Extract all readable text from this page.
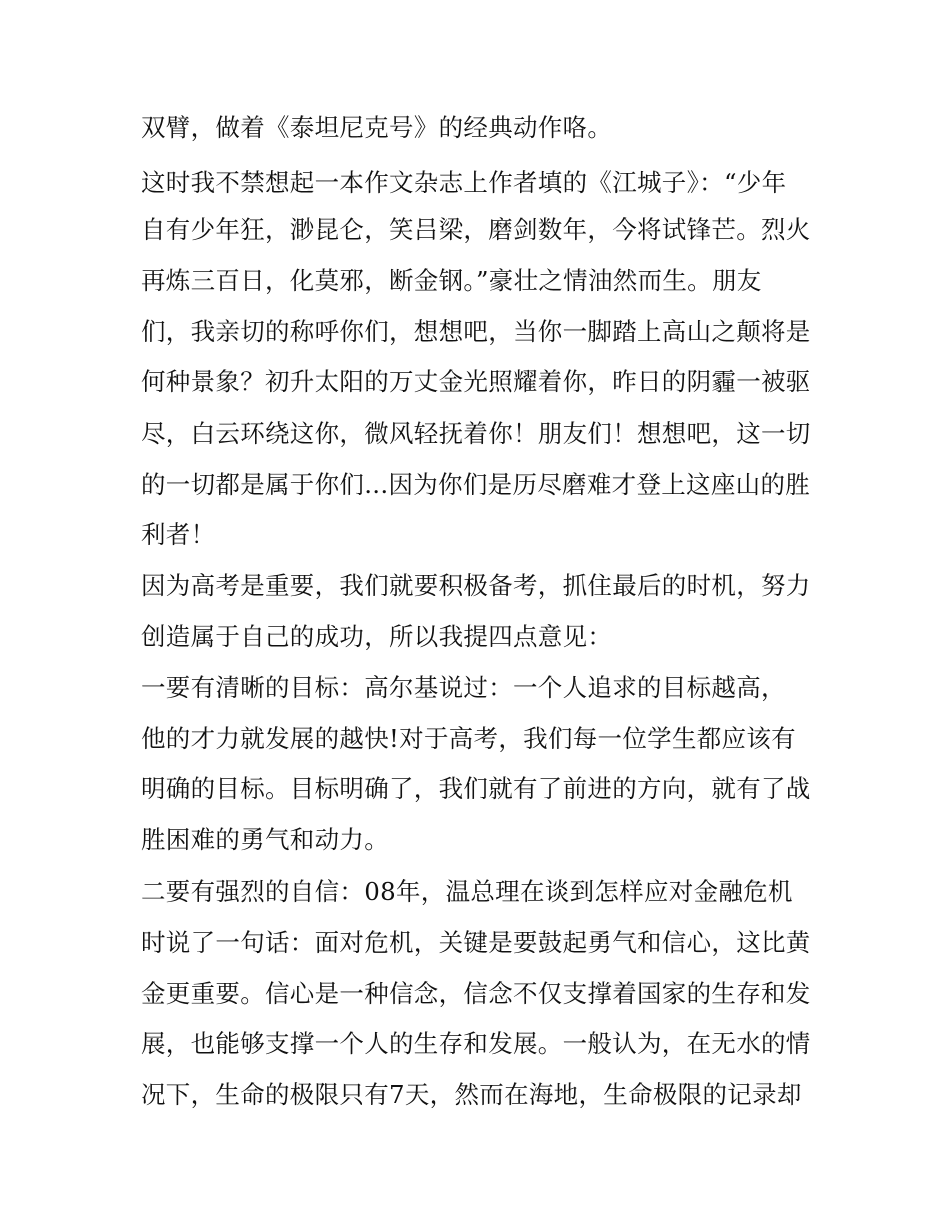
双臂，做着《泰坦尼克号》的经典动作咯。
这时我不禁想起一本作文杂志上作者填的《江城子》：“少年
自有少年狂，渺昆仑，笑吕梁，磨剑数年，今将试锋芒。烈火
再炼三百日，化莫邪，断金钢。”豪壮之情油然而生。朋友
们，我亲切的称呼你们，想想吧，当你一脚踏上高山之颠将是
何种景象？初升太阳的万丈金光照耀着你，昨日的阴霾一被驱
尽，白云环绕这你，微风轻抚着你！朋友们！想想吧，这一切
的一切都是属于你们...因为你们是历尽磨难才登上这座山的胜
利者！
因为高考是重要，我们就要积极备考，抓住最后的时机，努力
创造属于自己的成功，所以我提四点意见：
一要有清晰的目标：高尔基说过：一个人追求的目标越高，
他的才力就发展的越快!对于高考，我们每一位学生都应该有
明确的目标。目标明确了，我们就有了前进的方向，就有了战
胜困难的勇气和动力。
二要有强烈的自信：08年，温总理在谈到怎样应对金融危机
时说了一句话：面对危机，关键是要鼓起勇气和信心，这比黄
金更重要。信心是一种信念，信念不仅支撑着国家的生存和发
展，也能够支撑一个人的生存和发展。一般认为，在无水的情
况下，生命的极限只有7天，然而在海地，生命极限的记录却
